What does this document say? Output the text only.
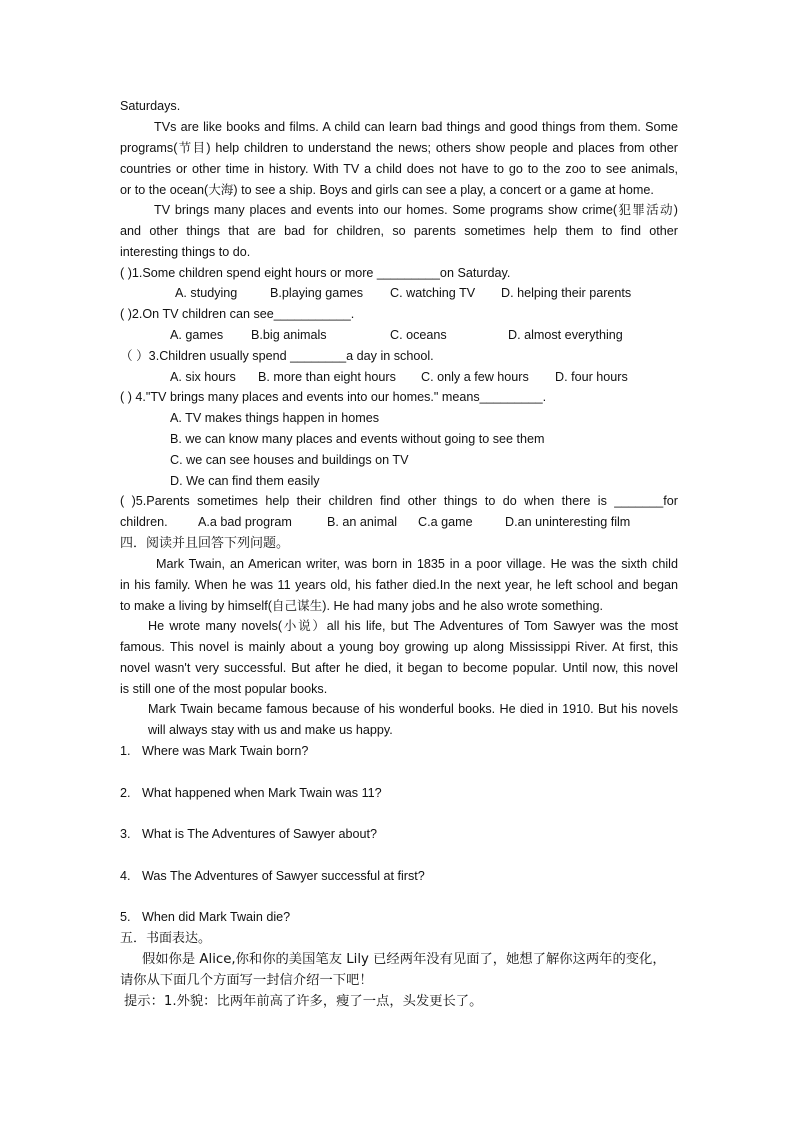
Saturdays.
TVs are like books and films. A child can learn bad things and good things from them. Some
programs(节目) help children to understand the news; others show people and places from other
countries or other time in history. With TV a child does not have to go to the zoo to see animals,
or to the ocean(大海) to see a ship. Boys and girls can see a play, a concert or a game at home.
TV brings many places and events into our homes. Some programs show crime(犯罪活动)
and other things that are bad for children, so parents sometimes help them to find other
interesting things to do.
( )1.Some children spend eight hours or more _________on Saturday.
A. studying	B.playing games C. watching TV D. helping their parents
( )2.On TV children can see___________.
A. games B.big animals	C. oceans	D. almost everything
（ ）3.Children usually spend ________a day in school.
A. six hours B. more than eight hours C. only a few hours D. four hours
( ) 4."TV brings many places and events into our homes." means_________.
A. TV makes things happen in homes
B. we can know many places and events without going to see them
C. we can see houses and buildings on TV
D. We can find them easily
( )5.Parents sometimes help their children find other things to do when there is _______for
children. A.a bad program	B. an animal C.a game	D.an uninteresting film
四．阅读并且回答下列问题。
Mark Twain, an American writer, was born in 1835 in a poor village. He was the sixth child
in his family. When he was 11 years old, his father died.In the next year, he left school and began
to make a living by himself(自己谋生). He had many jobs and he also wrote something.
He wrote many novels(小说）all his life, but The Adventures of Tom Sawyer was the most
famous. This novel is mainly about a young boy growing up along Mississippi River. At first, this
novel wasn't very successful. But after he died, it began to become popular. Until now, this novel
is still one of the most popular books.
Mark Twain became famous because of his wonderful books. He died in 1910. But his novels
will always stay with us and make us happy.
1. Where was Mark Twain born?
2. What happened when Mark Twain was 11?
3. What is The Adventures of Sawyer about?
4. Was The Adventures of Sawyer successful at first?
5. When did Mark Twain die?
五．书面表达。
假如你是 Alice,你和你的美国笔友 Lily 已经两年没有见面了，她想了解你这两年的变化，
请你从下面几个方面写一封信介绍一下吧！
提示：1.外貌：比两年前高了许多，瘦了一点，头发更长了。
